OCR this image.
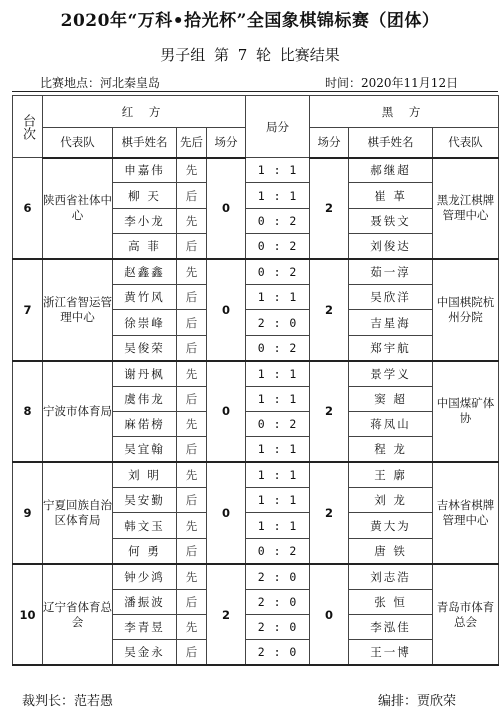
2020年“万科•拾光杯”全国象棋锦标赛（团体）
男子组 第 7 轮 比赛结果
比赛地点：河北秦皇岛	时间：2020年11月12日
台次	红 方				局分	黑 方		
	代表队	棋手姓名	先后	场分		场分	棋手姓名	代表队
6	陕西省社体中心	申嘉伟	先	0	1 : 1	2	郝继超	黑龙江棋牌管理中心
		柳 天	后		1 : 1		崔 革	
		李小龙	先		0 : 2		聂铁文	
		高 菲	后		0 : 2		刘俊达	
7	浙江省智运管理中心	赵鑫鑫	先	0	0 : 2	2	茹一淳	中国棋院杭州分院
		黄竹风	后		1 : 1		吴欣洋	
		徐崇峰	后		2 : 0		吉星海	
		吴俊荣	后		0 : 2		郑宇航	
8	宁波市体育局	谢丹枫	先	0	1 : 1	2	景学义	中国煤矿体协
		虞伟龙	后		1 : 1		窦 超	
		麻偌榜	先		0 : 2		蒋凤山	
		吴宜翰	后		1 : 1		程 龙	
9	宁夏回族自治区体育局	刘 明	先	0	1 : 1	2	王 廓	吉林省棋牌管理中心
		吴安勤	后		1 : 1		刘 龙	
		韩文玉	先		1 : 1		黄大为	
		何 勇	后		0 : 2		唐 铁	
10	辽宁省体育总会	钟少鸿	先	2	2 : 0	0	刘志浩	青岛市体育总会
		潘振波	后		2 : 0		张 恒	
		李青昱	先		2 : 0		李泓佳	
		吴金永	后		2 : 0		王一博	
裁判长：范若愚	编排：贾欣荣
